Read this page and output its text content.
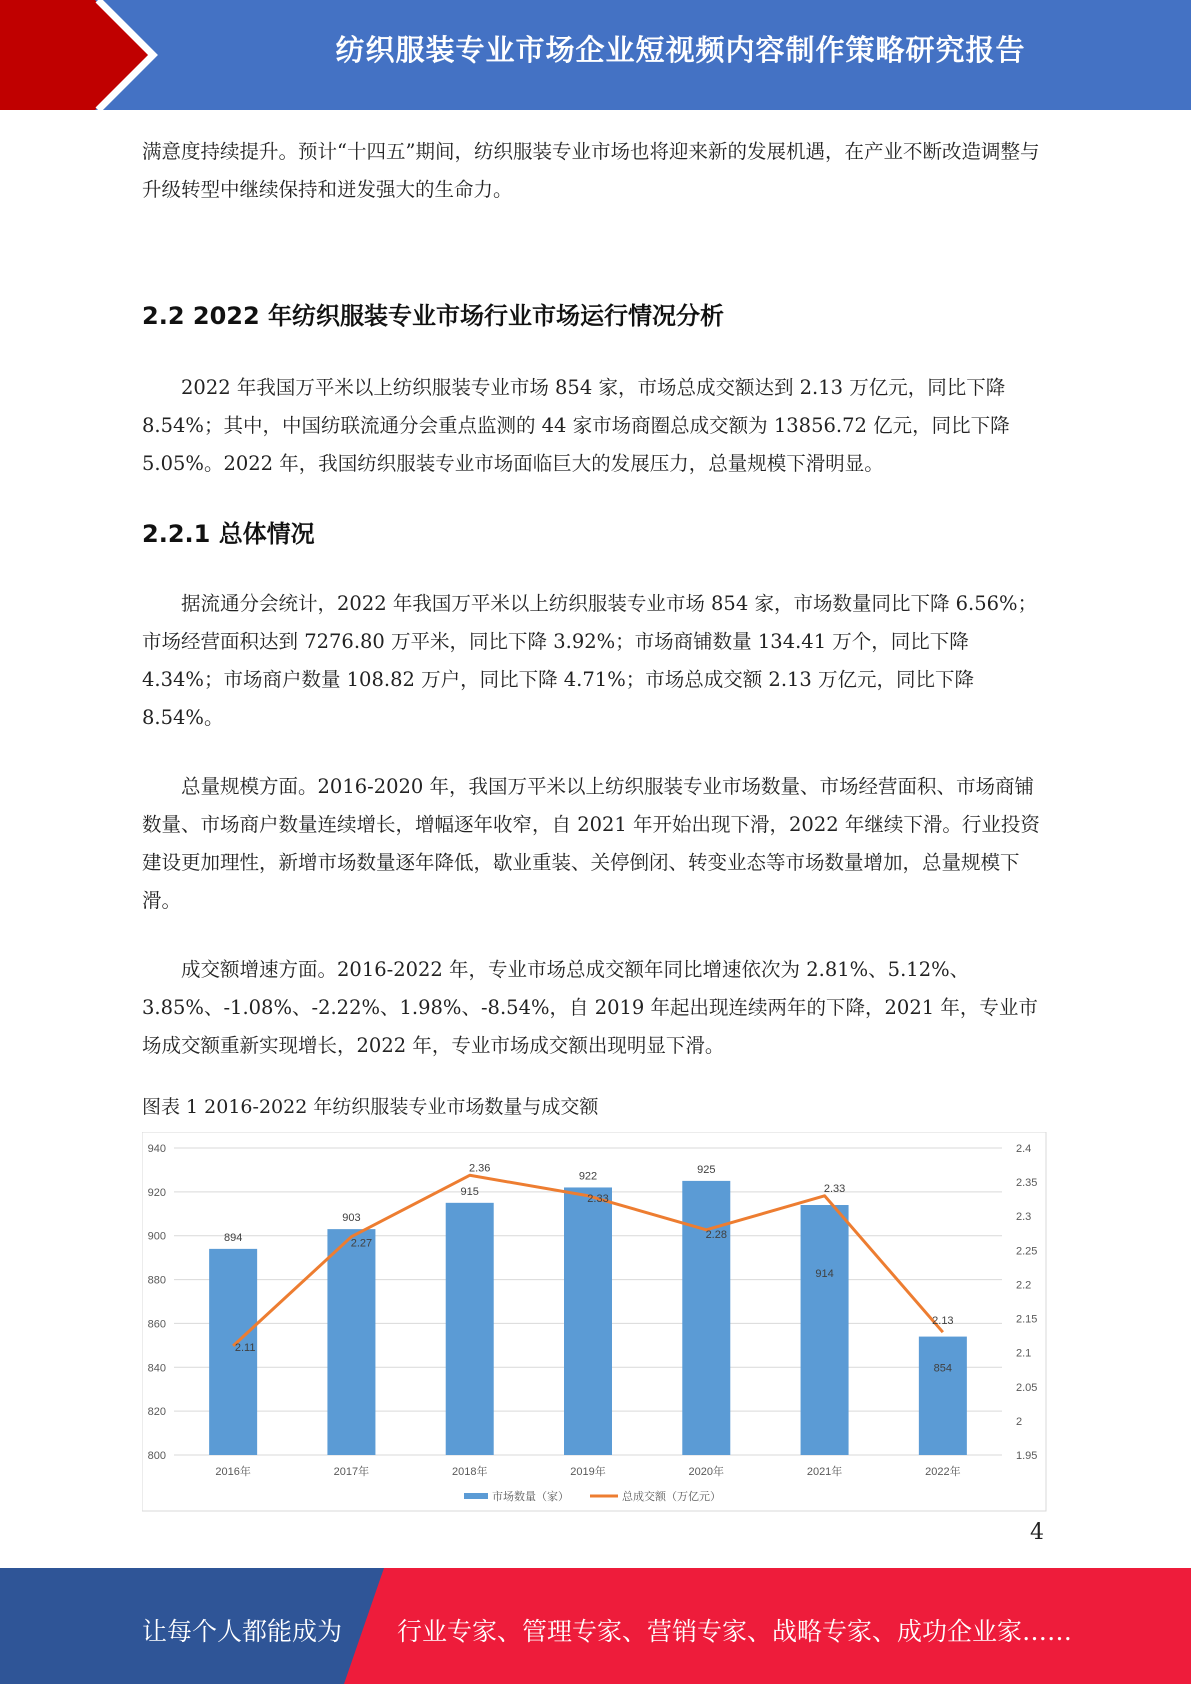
纺织服装专业市场企业短视频内容制作策略研究报告

满意度持续提升。预计“十四五”期间，纺织服装专业市场也将迎来新的发展机遇，在产业不断改造调整与升级转型中继续保持和迸发强大的生命力。

2.2 2022 年纺织服装专业市场行业市场运行情况分析

2022 年我国万平米以上纺织服装专业市场 854 家，市场总成交额达到 2.13 万亿元，同比下降 8.54%；其中，中国纺联流通分会重点监测的 44 家市场商圈总成交额为 13856.72 亿元，同比下降 5.05%。2022 年，我国纺织服装专业市场面临巨大的发展压力，总量规模下滑明显。

2.2.1 总体情况

据流通分会统计，2022 年我国万平米以上纺织服装专业市场 854 家，市场数量同比下降 6.56%；市场经营面积达到 7276.80 万平米，同比下降 3.92%；市场商铺数量 134.41 万个，同比下降 4.34%；市场商户数量 108.82 万户，同比下降 4.71%；市场总成交额 2.13 万亿元，同比下降 8.54%。

总量规模方面。2016-2020 年，我国万平米以上纺织服装专业市场数量、市场经营面积、市场商铺数量、市场商户数量连续增长，增幅逐年收窄，自 2021 年开始出现下滑，2022 年继续下滑。行业投资建设更加理性，新增市场数量逐年降低，歇业重装、关停倒闭、转变业态等市场数量增加，总量规模下滑。

成交额增速方面。2016-2022 年，专业市场总成交额年同比增速依次为 2.81%、5.12%、3.85%、-1.08%、-2.22%、1.98%、-8.54%，自 2019 年起出现连续两年的下降，2021 年，专业市场成交额重新实现增长，2022 年，专业市场成交额出现明显下滑。

图表 1 2016-2022 年纺织服装专业市场数量与成交额
800
820
840
860
880
900
920
940
1.95
2
2.05
2.1
2.15
2.2
2.25
2.3
2.35
2.4
894
903
915
922
925
914
854
2.11
2.27
2.36
2.33
2.28
2.33
2.13
2016年	2017年	2018年	2019年	2020年	2021年	2022年
市场数量（家）	总成交额（万亿元）
4
让每个人都能成为 行业专家、管理专家、营销专家、战略专家、成功企业家……
